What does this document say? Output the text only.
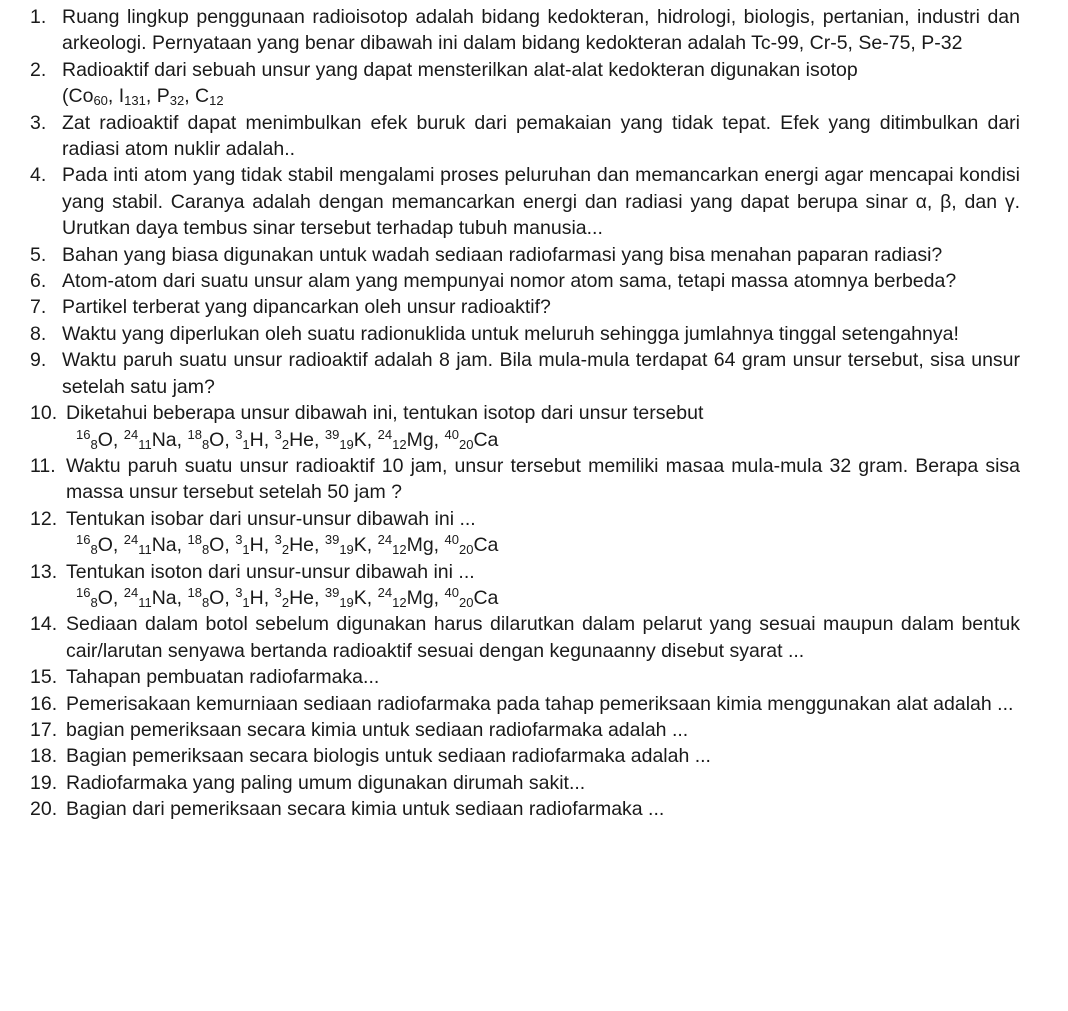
1. Ruang lingkup penggunaan radioisotop adalah bidang kedokteran, hidrologi, biologis, pertanian, industri dan arkeologi. Pernyataan yang benar dibawah ini dalam bidang kedokteran adalah Tc-99, Cr-5, Se-75, P-32
2. Radioaktif dari sebuah unsur yang dapat mensterilkan alat-alat kedokteran digunakan isotop
(Co60, I131, P32, C12
3. Zat radioaktif dapat menimbulkan efek buruk dari pemakaian yang tidak tepat. Efek yang ditimbulkan dari radiasi atom nuklir adalah..
4. Pada inti atom yang tidak stabil mengalami proses peluruhan dan memancarkan energi agar mencapai kondisi yang stabil. Caranya adalah dengan memancarkan energi dan radiasi yang dapat berupa sinar α, β, dan γ. Urutkan daya tembus sinar tersebut terhadap tubuh manusia...
5. Bahan yang biasa digunakan untuk wadah sediaan radiofarmasi yang bisa menahan paparan radiasi?
6. Atom-atom dari suatu unsur alam yang mempunyai nomor atom sama, tetapi massa atomnya berbeda?
7. Partikel terberat yang dipancarkan oleh unsur radioaktif?
8. Waktu yang diperlukan oleh suatu radionuklida untuk meluruh sehingga jumlahnya tinggal setengahnya!
9. Waktu paruh suatu unsur radioaktif adalah 8 jam. Bila mula-mula terdapat 64 gram unsur tersebut, sisa unsur setelah satu jam?
10. Diketahui beberapa unsur dibawah ini, tentukan isotop dari unsur tersebut
$^{16}_8$O, $^{24}_{11}$Na, $^{18}_8$O, $^3_1$H, $^3_2$He, $^{39}_{19}$K, $^{24}_{12}$Mg, $^{40}_{20}$Ca
11. Waktu paruh suatu unsur radioaktif 10 jam, unsur tersebut memiliki masaa mula-mula 32 gram. Berapa sisa massa unsur tersebut setelah 50 jam ?
12. Tentukan isobar dari unsur-unsur dibawah ini ...
$^{16}_8$O, $^{24}_{11}$Na, $^{18}_8$O, $^3_1$H, $^3_2$He, $^{39}_{19}$K, $^{24}_{12}$Mg, $^{40}_{20}$Ca
13. Tentukan isoton dari unsur-unsur dibawah ini ...
$^{16}_8$O, $^{24}_{11}$Na, $^{18}_8$O, $^3_1$H, $^3_2$He, $^{39}_{19}$K, $^{24}_{12}$Mg, $^{40}_{20}$Ca
14. Sediaan dalam botol sebelum digunakan harus dilarutkan dalam pelarut yang sesuai maupun dalam bentuk cair/larutan senyawa bertanda radioaktif sesuai dengan kegunaanny disebut syarat ...
15. Tahapan pembuatan radiofarmaka...
16. Pemerisakaan kemurniaan sediaan radiofarmaka pada tahap pemeriksaan kimia menggunakan alat adalah ...
17. bagian pemeriksaan secara kimia untuk sediaan radiofarmaka adalah ...
18. Bagian pemeriksaan secara biologis untuk sediaan radiofarmaka adalah ...
19. Radiofarmaka yang paling umum digunakan dirumah sakit...
20. Bagian dari pemeriksaan secara kimia untuk sediaan radiofarmaka ...
